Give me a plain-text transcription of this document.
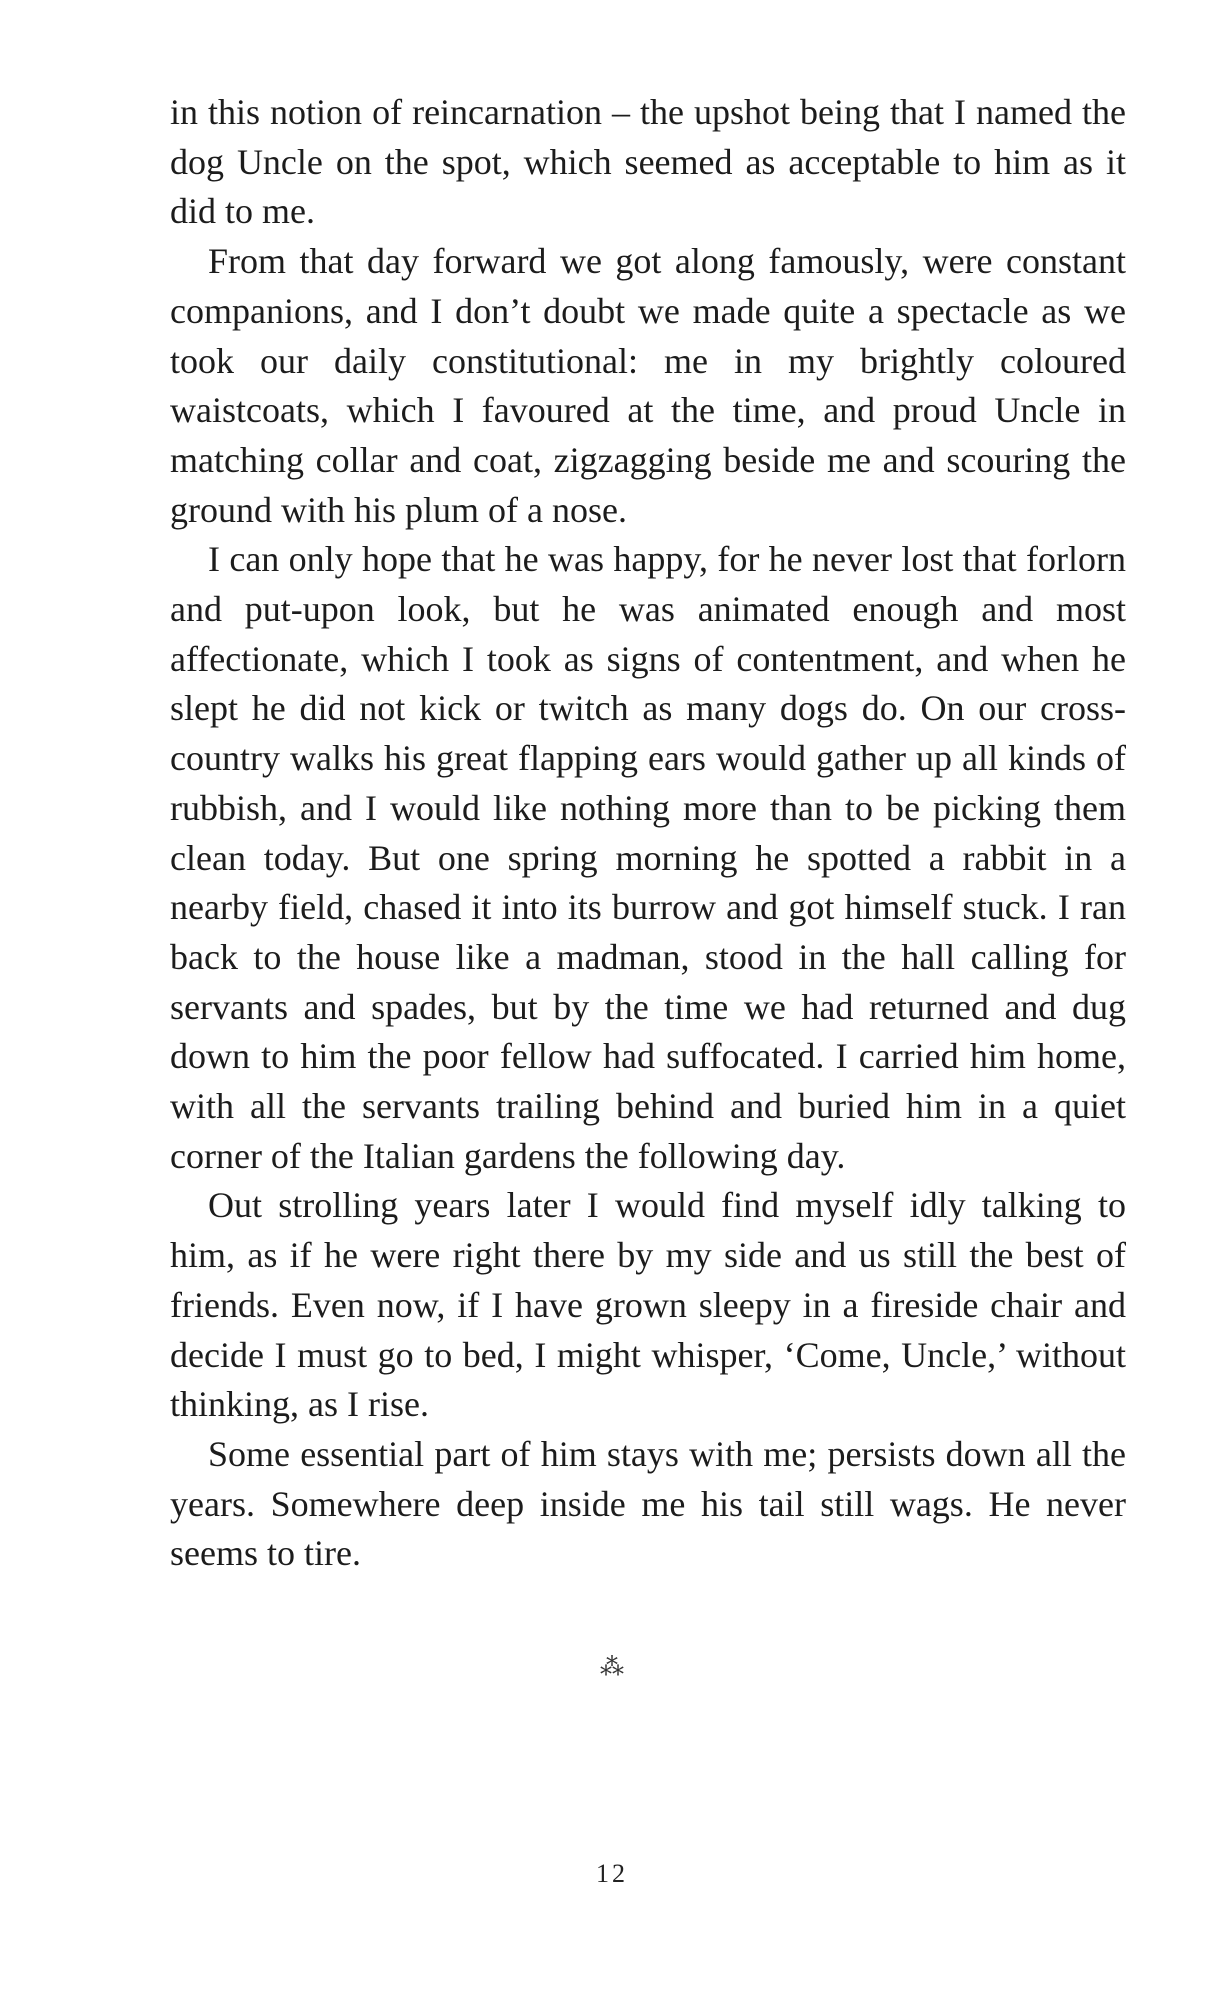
in this notion of reincarnation – the upshot being that I named the dog Uncle on the spot, which seemed as acceptable to him as it did to me.

From that day forward we got along famously, were constant companions, and I don’t doubt we made quite a spectacle as we took our daily constitutional: me in my brightly coloured waistcoats, which I favoured at the time, and proud Uncle in matching collar and coat, zigzagging beside me and scouring the ground with his plum of a nose.

I can only hope that he was happy, for he never lost that forlorn and put-upon look, but he was animated enough and most affectionate, which I took as signs of contentment, and when he slept he did not kick or twitch as many dogs do. On our cross-country walks his great flapping ears would gather up all kinds of rubbish, and I would like nothing more than to be picking them clean today. But one spring morning he spotted a rabbit in a nearby field, chased it into its burrow and got himself stuck. I ran back to the house like a madman, stood in the hall calling for servants and spades, but by the time we had returned and dug down to him the poor fellow had suffocated. I carried him home, with all the servants trailing behind and buried him in a quiet corner of the Italian gardens the following day.

Out strolling years later I would find myself idly talking to him, as if he were right there by my side and us still the best of friends. Even now, if I have grown sleepy in a fireside chair and decide I must go to bed, I might whisper, ‘Come, Uncle,’ without thinking, as I rise.

Some essential part of him stays with me; persists down all the years. Somewhere deep inside me his tail still wags. He never seems to tire.

⁂
12
